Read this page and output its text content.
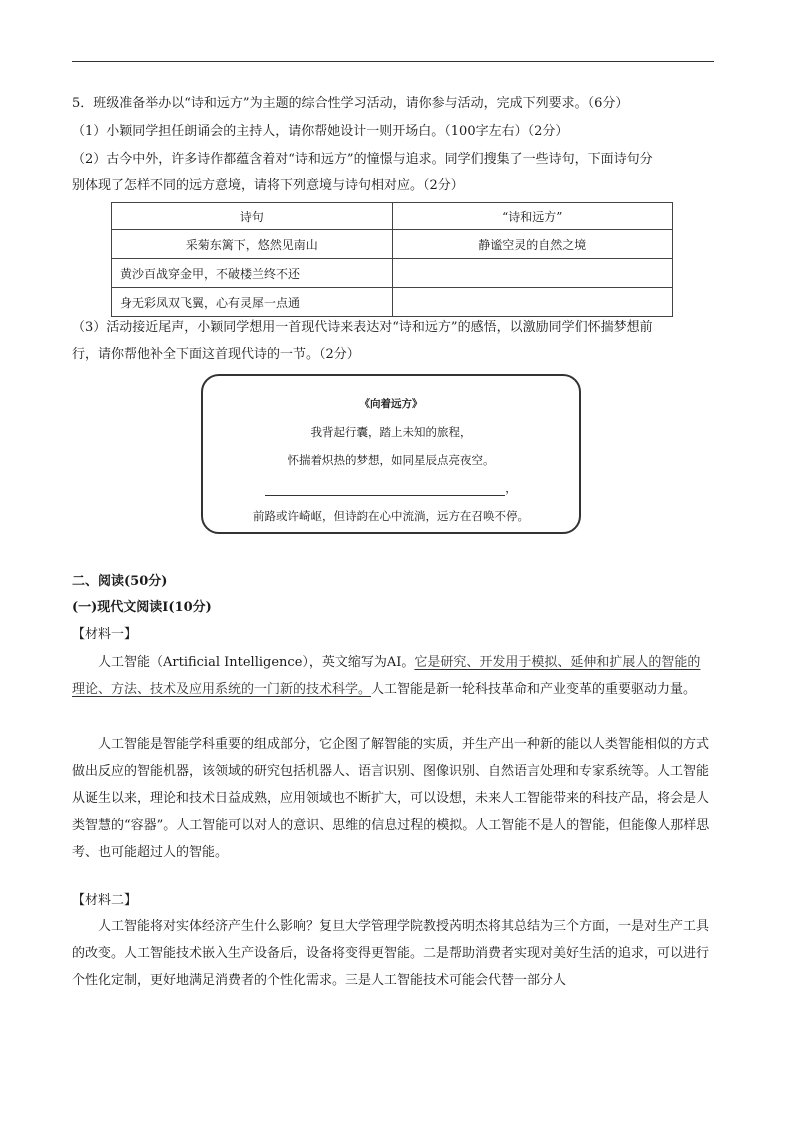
5．班级准备举办以“诗和远方”为主题的综合性学习活动，请你参与活动，完成下列要求。（6分）
（1）小颖同学担任朗诵会的主持人，请你帮她设计一则开场白。（100字左右）（2分）
（2）古今中外，许多诗作都蕴含着对“诗和远方”的憧憬与追求。同学们搜集了一些诗句，下面诗句分
别体现了怎样不同的远方意境，请将下列意境与诗句相对应。（2分）
诗句	“诗和远方”
采菊东篱下，悠然见南山	静谧空灵的自然之境
黄沙百战穿金甲，不破楼兰终不还	
身无彩凤双飞翼，心有灵犀一点通	
（3）活动接近尾声，小颖同学想用一首现代诗来表达对“诗和远方”的感悟，以激励同学们怀揣梦想前
行，请你帮他补全下面这首现代诗的一节。（2分）
《向着远方》
我背起行囊，踏上未知的旅程，
怀揣着炽热的梦想，如同星辰点亮夜空。
，
前路或许崎岖，但诗韵在心中流淌，远方在召唤不停。
二、阅读(50分)
(一)现代文阅读Ⅰ(10分)
【材料一】
人工智能（Artificial Intelligence），英文缩写为AI。它是研究、开发用于模拟、延伸和扩展人的智能的理论、方法、技术及应用系统的一门新的技术科学。人工智能是新一轮科技革命和产业变革的重要驱动力量。
人工智能是智能学科重要的组成部分，它企图了解智能的实质，并生产出一种新的能以人类智能相似的方式做出反应的智能机器，该领域的研究包括机器人、语言识别、图像识别、自然语言处理和专家系统等。人工智能从诞生以来，理论和技术日益成熟，应用领域也不断扩大，可以设想，未来人工智能带来的科技产品，将会是人类智慧的“容器”。人工智能可以对人的意识、思维的信息过程的模拟。人工智能不是人的智能，但能像人那样思考、也可能超过人的智能。
【材料二】
人工智能将对实体经济产生什么影响？复旦大学管理学院教授芮明杰将其总结为三个方面，一是对生产工具的改变。人工智能技术嵌入生产设备后，设备将变得更智能。二是帮助消费者实现对美好生活的追求，可以进行个性化定制，更好地满足消费者的个性化需求。三是人工智能技术可能会代替一部分人
